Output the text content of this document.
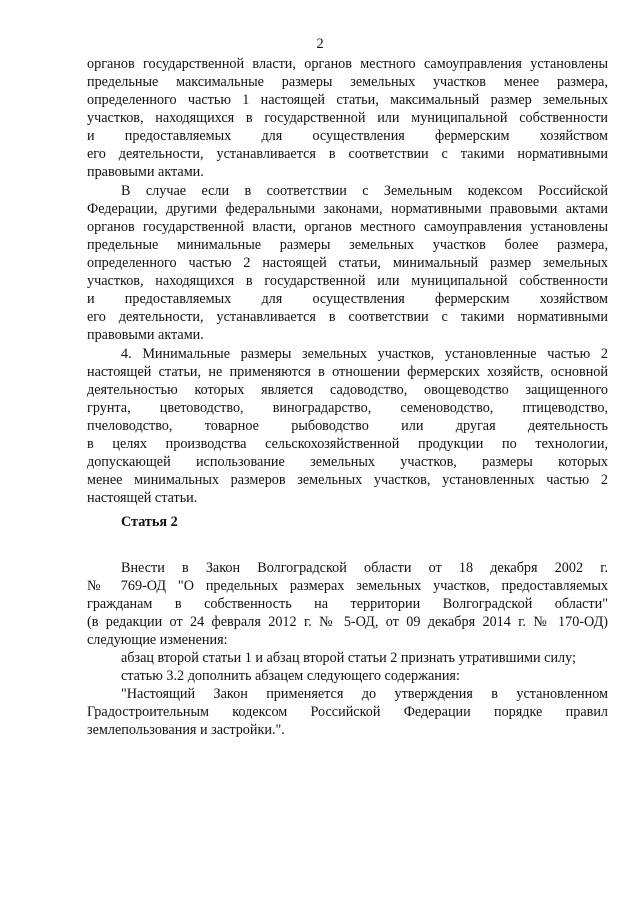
2
органов государственной власти, органов местного самоуправления установлены
предельные максимальные размеры земельных участков менее размера,
определенного частью 1 настоящей статьи, максимальный размер земельных
участков, находящихся в государственной или муниципальной собственности
и предоставляемых для осуществления фермерским хозяйством
его деятельности, устанавливается в соответствии с такими нормативными
правовыми актами.
В случае если в соответствии с Земельным кодексом Российской
Федерации, другими федеральными законами, нормативными правовыми актами
органов государственной власти, органов местного самоуправления установлены
предельные минимальные размеры земельных участков более размера,
определенного частью 2 настоящей статьи, минимальный размер земельных
участков, находящихся в государственной или муниципальной собственности
и предоставляемых для осуществления фермерским хозяйством
его деятельности, устанавливается в соответствии с такими нормативными
правовыми актами.
4. Минимальные размеры земельных участков, установленные частью 2
настоящей статьи, не применяются в отношении фермерских хозяйств, основной
деятельностью которых является садоводство, овощеводство защищенного
грунта, цветоводство, виноградарство, семеноводство, птицеводство,
пчеловодство, товарное рыбоводство или другая деятельность
в целях производства сельскохозяйственной продукции по технологии,
допускающей использование земельных участков, размеры которых
менее минимальных размеров земельных участков, установленных частью 2
настоящей статьи.
Статья 2
Внести в Закон Волгоградской области от 18 декабря 2002 г.
№ 769-ОД "О предельных размерах земельных участков, предоставляемых
гражданам в собственность на территории Волгоградской области"
(в редакции от 24 февраля 2012 г. № 5-ОД, от 09 декабря 2014 г. № 170-ОД)
следующие изменения:
абзац второй статьи 1 и абзац второй статьи 2 признать утратившими силу;
статью 3.2 дополнить абзацем следующего содержания:
"Настоящий Закон применяется до утверждения в установленном
Градостроительным кодексом Российской Федерации порядке правил
землепользования и застройки.".
